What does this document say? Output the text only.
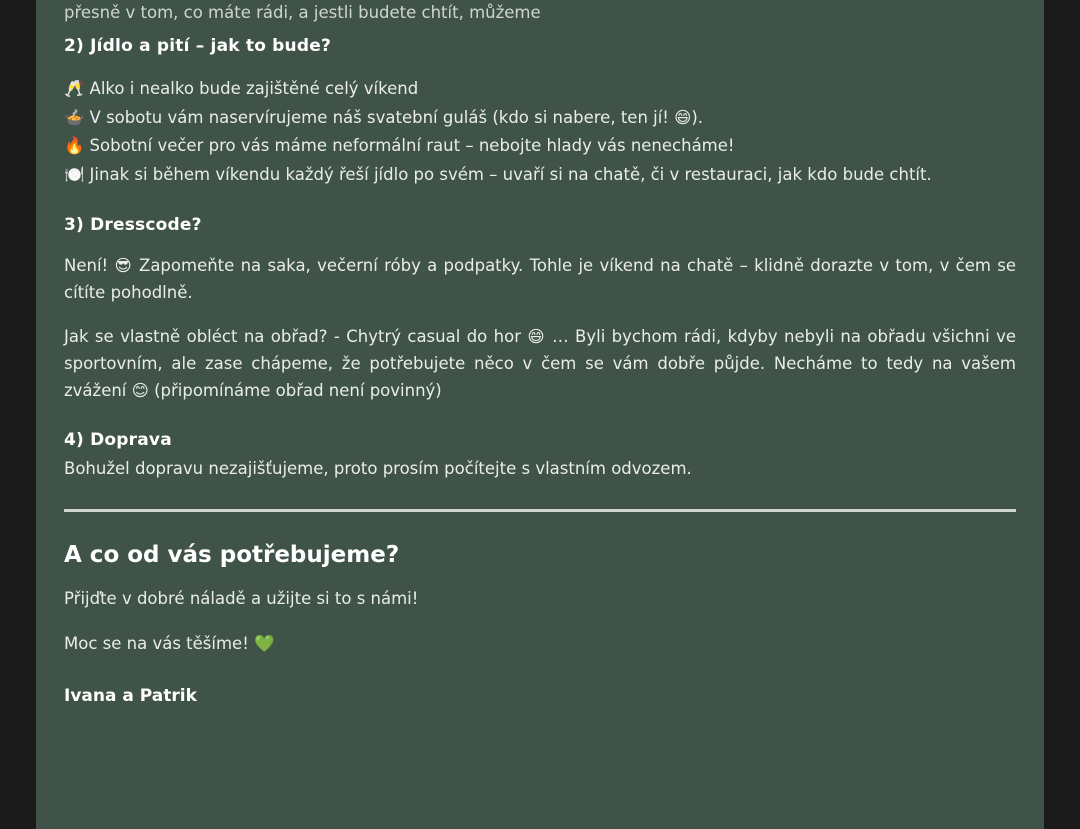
přesně v tom, co máte rádi, a jestli budete chtít, můžeme

2) Jídlo a pití – jak to bude?
🥂 Alko i nealko bude zajištěné celý víkend
🍲 V sobotu vám naservírujeme náš svatební guláš (kdo si nabere, ten jí! 😄).
🔥 Sobotní večer pro vás máme neformální raut – nebojte hlady vás nenecháme!
🍽️ Jinak si během víkendu každý řeší jídlo po svém – uvaří si na chatě, či v restauraci, jak kdo bude chtít.
3) Dresscode?

Není! 😎 Zapomeňte na saka, večerní róby a podpatky. Tohle je víkend na chatě – klidně dorazte v tom, v čem se cítíte pohodlně.

Jak se vlastně obléct na obřad? - Chytrý casual do hor 😄 … Byli bychom rádi, kdyby nebyli na obřadu všichni ve sportovním, ale zase chápeme, že potřebujete něco v čem se vám dobře půjde. Necháme to tedy na vašem zvážení 😊 (připomínáme obřad není povinný)

4) Doprava

Bohužel dopravu nezajišťujeme, proto prosím počítejte s vlastním odvozem.

A co od vás potřebujeme?

Přijďte v dobré náladě a užijte si to s námi!

Moc se na vás těšíme! 💚

Ivana a Patrik
